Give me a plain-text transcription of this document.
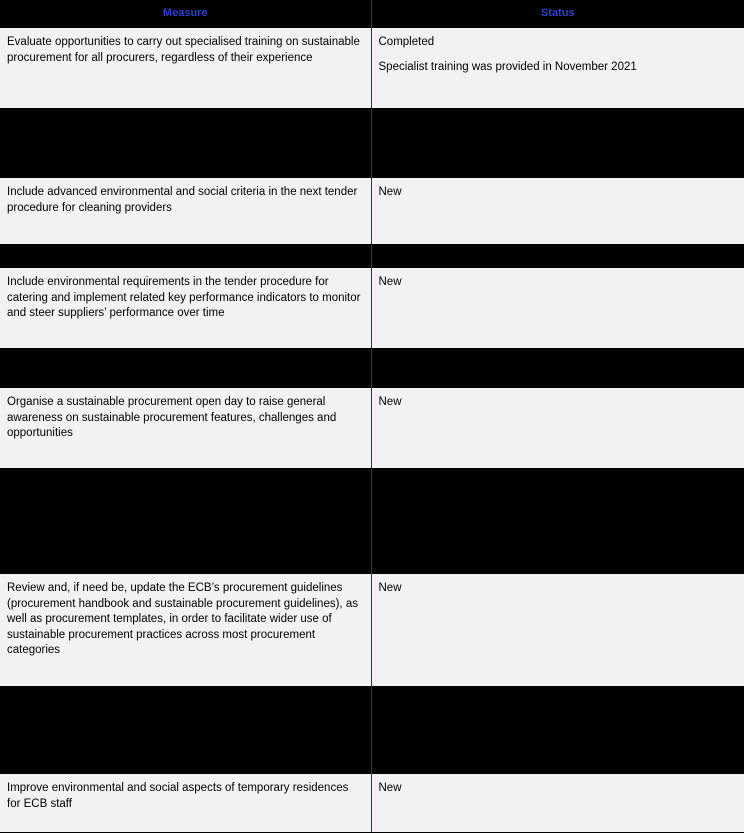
Measure	Status
Evaluate opportunities to carry out specialised training on sustainable procurement for all procurers, regardless of their experience	Completed
Specialist training was provided in November 2021

Include advanced environmental and social criteria in the next tender procedure for cleaning providers	New

Include environmental requirements in the tender procedure for catering and implement related key performance indicators to monitor and steer suppliers’ performance over time	New

Organise a sustainable procurement open day to raise general awareness on sustainable procurement features, challenges and opportunities	New

Review and, if need be, update the ECB’s procurement guidelines (procurement handbook and sustainable procurement guidelines), as well as procurement templates, in order to facilitate wider use of sustainable procurement practices across most procurement categories	New

Improve environmental and social aspects of temporary residences for ECB staff	New
